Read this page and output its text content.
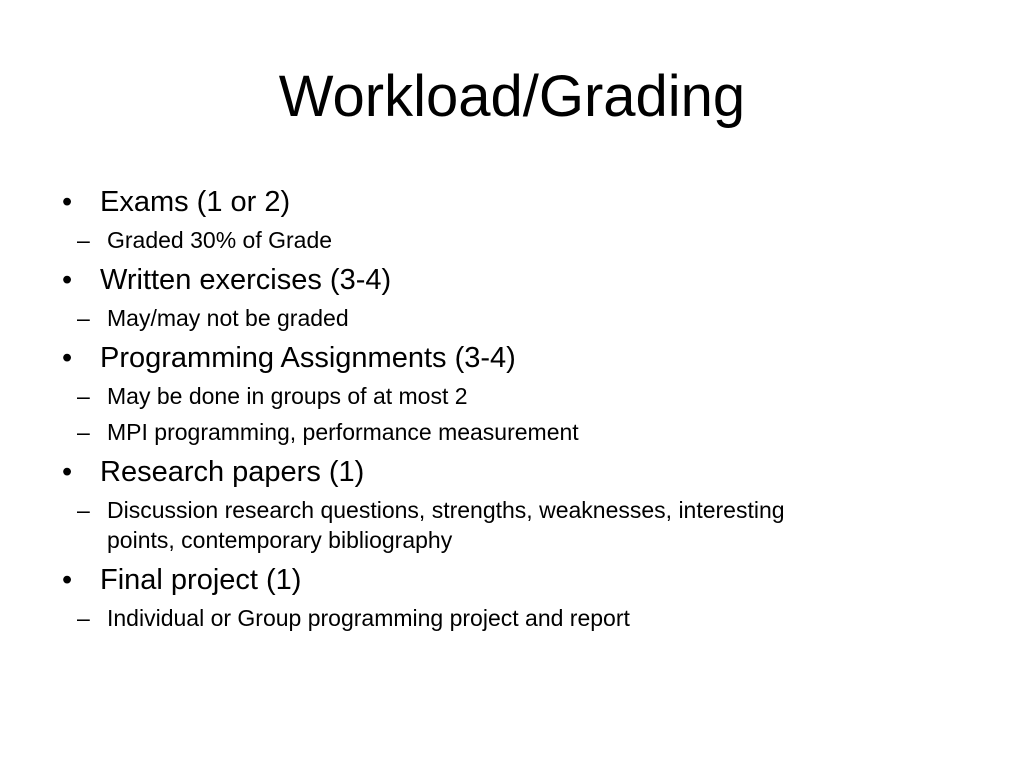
Workload/Grading
• Exams (1 or 2)
– Graded 30% of Grade
• Written exercises (3-4)
– May/may not be graded
• Programming Assignments (3-4)
– May be done in groups of at most 2
– MPI programming, performance measurement
• Research papers (1)
– Discussion research questions, strengths, weaknesses, interesting points, contemporary bibliography
• Final project (1)
– Individual or Group programming project and report
